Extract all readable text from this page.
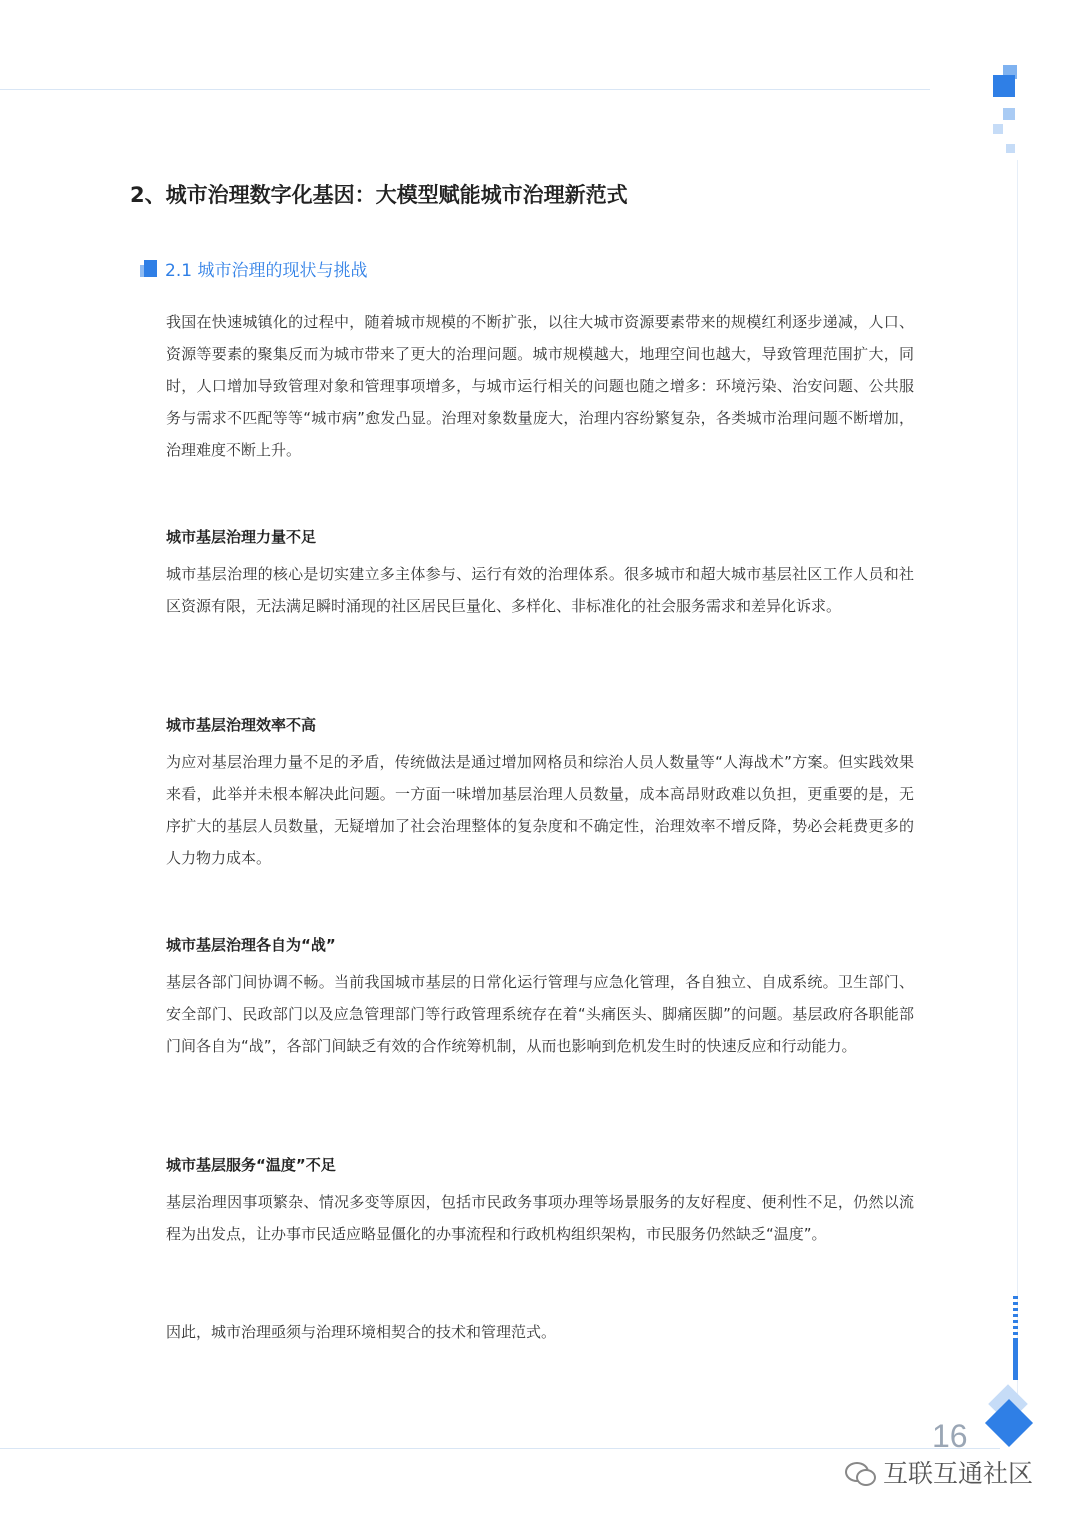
2、城市治理数字化基因：大模型赋能城市治理新范式
2.1 城市治理的现状与挑战
我国在快速城镇化的过程中，随着城市规模的不断扩张，以往大城市资源要素带来的规模红利逐步递减，人口、资源等要素的聚集反而为城市带来了更大的治理问题。城市规模越大，地理空间也越大，导致管理范围扩大，同时，人口增加导致管理对象和管理事项增多，与城市运行相关的问题也随之增多：环境污染、治安问题、公共服务与需求不匹配等等“城市病”愈发凸显。治理对象数量庞大，治理内容纷繁复杂，各类城市治理问题不断增加，治理难度不断上升。
城市基层治理力量不足
城市基层治理的核心是切实建立多主体参与、运行有效的治理体系。很多城市和超大城市基层社区工作人员和社区资源有限，无法满足瞬时涌现的社区居民巨量化、多样化、非标准化的社会服务需求和差异化诉求。
城市基层治理效率不高
为应对基层治理力量不足的矛盾，传统做法是通过增加网格员和综治人员人数量等“人海战术”方案。但实践效果来看，此举并未根本解决此问题。一方面一味增加基层治理人员数量，成本高昂财政难以负担，更重要的是，无序扩大的基层人员数量，无疑增加了社会治理整体的复杂度和不确定性，治理效率不增反降，势必会耗费更多的人力物力成本。
城市基层治理各自为“战”
基层各部门间协调不畅。当前我国城市基层的日常化运行管理与应急化管理，各自独立、自成系统。卫生部门、安全部门、民政部门以及应急管理部门等行政管理系统存在着“头痛医头、脚痛医脚”的问题。基层政府各职能部门间各自为“战”，各部门间缺乏有效的合作统筹机制，从而也影响到危机发生时的快速反应和行动能力。
城市基层服务“温度”不足
基层治理因事项繁杂、情况多变等原因，包括市民政务事项办理等场景服务的友好程度、便利性不足，仍然以流程为出发点，让办事市民适应略显僵化的办事流程和行政机构组织架构，市民服务仍然缺乏“温度”。
因此，城市治理亟须与治理环境相契合的技术和管理范式。
16
互联互通社区
